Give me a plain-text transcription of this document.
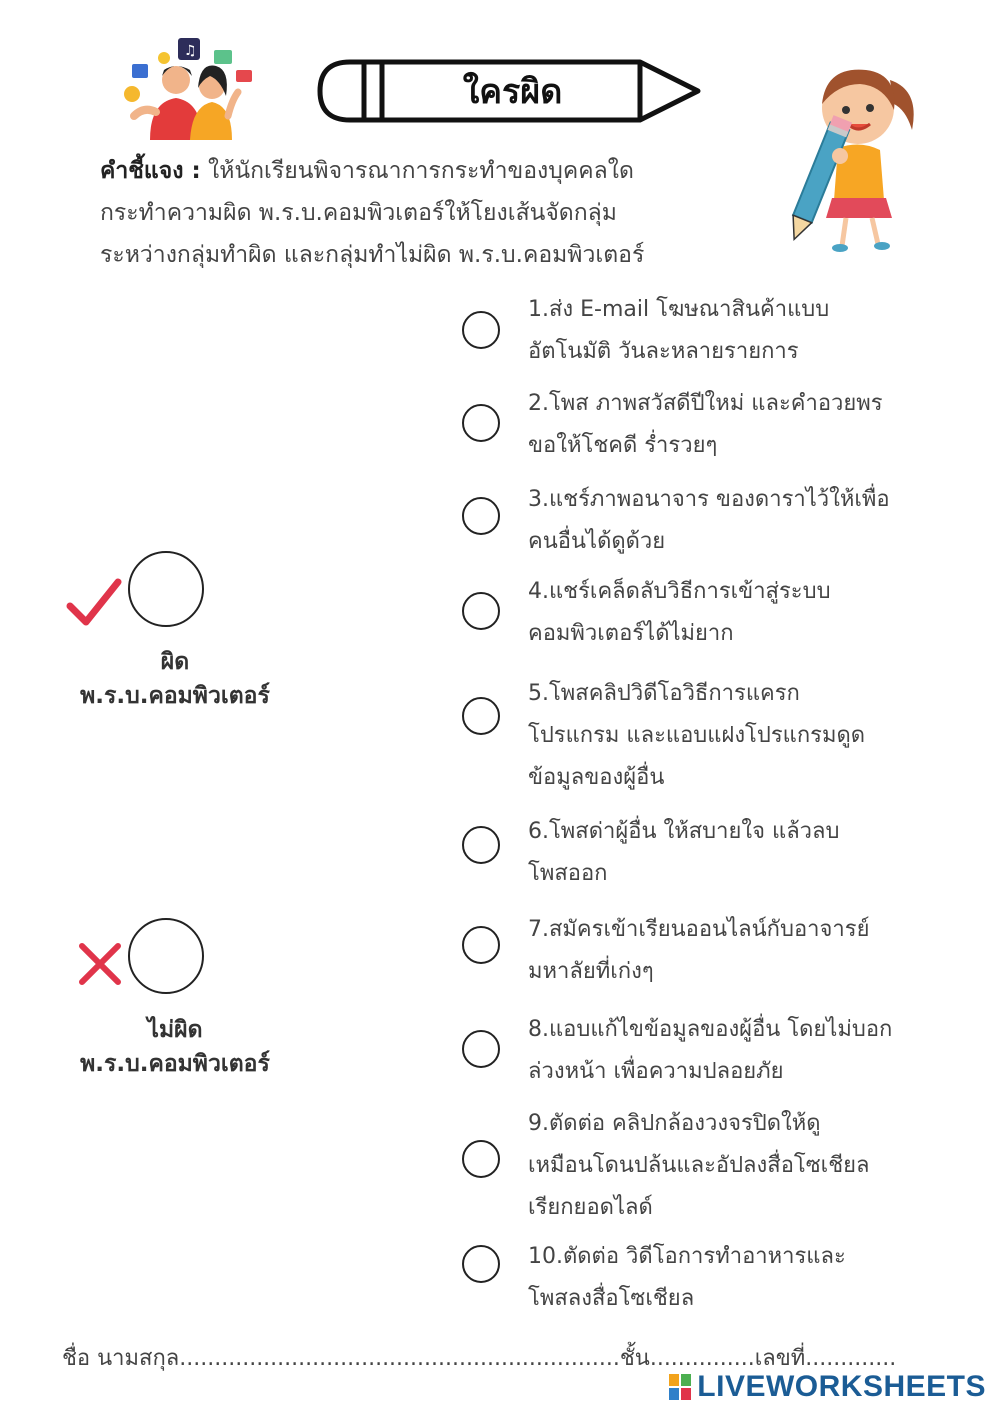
♫
ใครผิด
คำชี้แจง : ให้นักเรียนพิจารณาการกระทำของบุคคลใด
กระทำความผิด พ.ร.บ.คอมพิวเตอร์ให้โยงเส้นจัดกลุ่ม
ระหว่างกลุ่มทำผิด และกลุ่มทำไม่ผิด พ.ร.บ.คอมพิวเตอร์
ผิด
พ.ร.บ.คอมพิวเตอร์
ไม่ผิด
พ.ร.บ.คอมพิวเตอร์
1.ส่ง E-mail โฆษณาสินค้าแบบ
อัตโนมัติ วันละหลายรายการ
2.โพส ภาพสวัสดีปีใหม่ และคำอวยพร
ขอให้โชคดี ร่ำรวยๆ
3.แชร์ภาพอนาจาร ของดาราไว้ให้เพื่อ
คนอื่นได้ดูด้วย
4.แชร์เคล็ดลับวิธีการเข้าสู่ระบบ
คอมพิวเตอร์ได้ไม่ยาก
5.โพสคลิปวิดีโอวิธีการแครก
โปรแกรม และแอบแฝงโปรแกรมดูด
ข้อมูลของผู้อื่น
6.โพสด่าผู้อื่น ให้สบายใจ แล้วลบ
โพสออก
7.สมัครเข้าเรียนออนไลน์กับอาจารย์
มหาลัยที่เก่งๆ
8.แอบแก้ไขข้อมูลของผู้อื่น โดยไม่บอก
ล่วงหน้า เพื่อความปลอยภัย
9.ตัดต่อ คลิปกล้องวงจรปิดให้ดู
เหมือนโดนปล้นและอัปลงสื่อโซเชียล
เรียกยอดไลด์
10.ตัดต่อ วิดีโอการทำอาหารและ
โพสลงสื่อโซเชียล
ชื่อ นามสกุล...............................................................ชั้น...............เลขที่.............
LIVEWORKSHEETS
